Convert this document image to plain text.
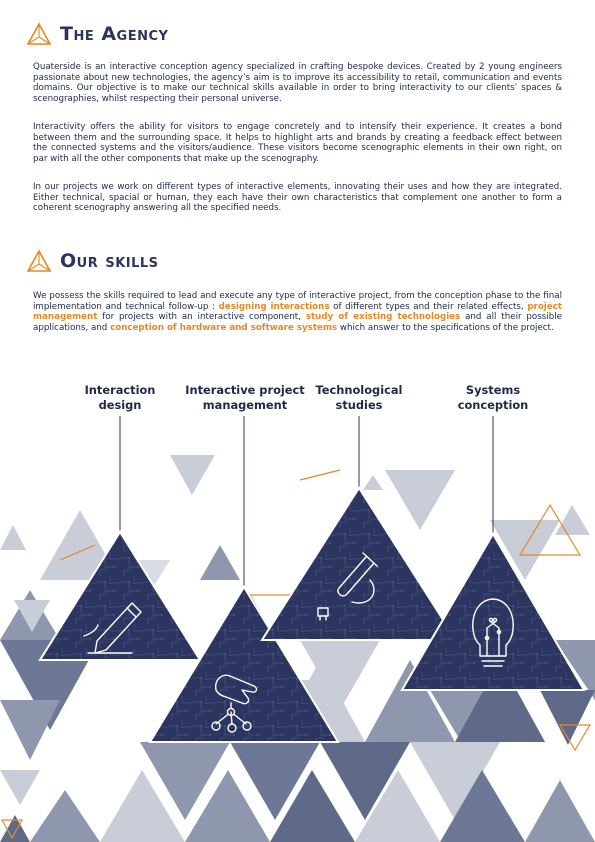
The Agency

Quaterside is an interactive conception agency specialized in crafting bespoke devices. Created by 2 young engineers passionate about new technologies, the agency’s aim is to improve its accessibility to retail, communication and events domains. Our objective is to make our technical skills available in order to bring interactivity to our clients’ spaces & scenographies, whilst respecting their personal universe.

Interactivity offers the ability for visitors to engage concretely and to intensify their experience. It creates a bond between them and the surrounding space. It helps to highlight arts and brands by creating a feedback effect between the connected systems and the visitors/audience. These visitors become scenographic elements in their own right, on par with all the other components that make up the scenography.

In our projects we work on different types of interactive elements, innovating their uses and how they are integrated. Either technical, spacial or human, they each have their own characteristics that complement one another to form a coherent scenography answering all the specified needs.

Our skills

We possess the skills required to lead and execute any type of interactive project, from the conception phase to the final implementation and technical follow-up : designing interactions of different types and their related effects, project management for projects with an interactive component, study of existing technologies and all their possible applications, and conception of hardware and software systems which answer to the specifications of the project.

Interaction
design
Interactive project
management
Technological
studies
Systems
conception
